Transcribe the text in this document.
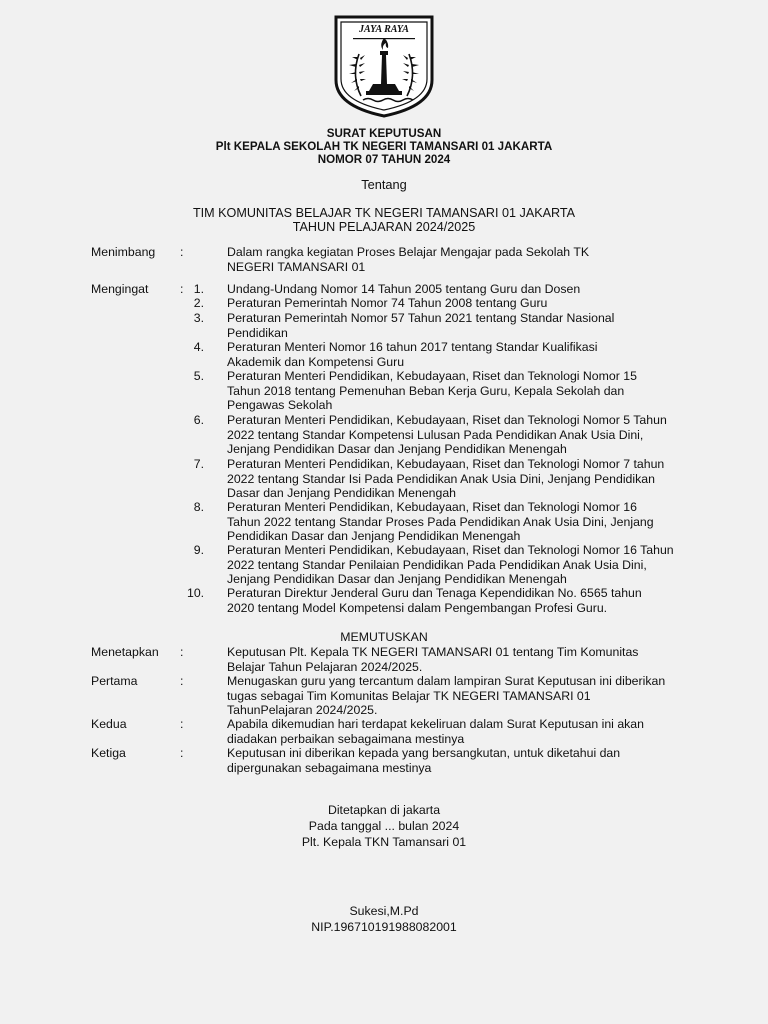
JAYA RAYA
SURAT KEPUTUSAN
Plt KEPALA SEKOLAH TK NEGERI TAMANSARI 01 JAKARTA
NOMOR 07 TAHUN 2024
Tentang
TIM KOMUNITAS BELAJAR TK NEGERI TAMANSARI 01 JAKARTA
TAHUN PELAJARAN 2024/2025
Menimbang :	Dalam rangka kegiatan Proses Belajar Mengajar pada Sekolah TK NEGERI TAMANSARI 01
Mengingat	: 1. Undang-Undang Nomor 14 Tahun 2005 tentang Guru dan Dosen
2. Peraturan Pemerintah Nomor 74 Tahun 2008 tentang Guru
3. Peraturan Pemerintah Nomor 57 Tahun 2021 tentang Standar Nasional Pendidikan
4. Peraturan Menteri Nomor 16 tahun 2017 tentang Standar Kualifikasi Akademik dan Kompetensi Guru
5. Peraturan Menteri Pendidikan, Kebudayaan, Riset dan Teknologi Nomor 15 Tahun 2018 tentang Pemenuhan Beban Kerja Guru, Kepala Sekolah dan Pengawas Sekolah
6. Peraturan Menteri Pendidikan, Kebudayaan, Riset dan Teknologi Nomor 5 Tahun 2022 tentang Standar Kompetensi Lulusan Pada Pendidikan Anak Usia Dini, Jenjang Pendidikan Dasar dan Jenjang Pendidikan Menengah
7. Peraturan Menteri Pendidikan, Kebudayaan, Riset dan Teknologi Nomor 7 tahun 2022 tentang Standar Isi Pada Pendidikan Anak Usia Dini, Jenjang Pendidikan Dasar dan Jenjang Pendidikan Menengah
8. Peraturan Menteri Pendidikan, Kebudayaan, Riset dan Teknologi Nomor 16 Tahun 2022 tentang Standar Proses Pada Pendidikan Anak Usia Dini, Jenjang Pendidikan Dasar dan Jenjang Pendidikan Menengah
9. Peraturan Menteri Pendidikan, Kebudayaan, Riset dan Teknologi Nomor 16 Tahun 2022 tentang Standar Penilaian Pendidikan Pada Pendidikan Anak Usia Dini, Jenjang Pendidikan Dasar dan Jenjang Pendidikan Menengah
10. Peraturan Direktur Jenderal Guru dan Tenaga Kependidikan No. 6565 tahun 2020 tentang Model Kompetensi dalam Pengembangan Profesi Guru.
MEMUTUSKAN
Menetapkan :	Keputusan Plt. Kepala TK NEGERI TAMANSARI 01 tentang Tim Komunitas Belajar Tahun Pelajaran 2024/2025.
Pertama	:	Menugaskan guru yang tercantum dalam lampiran Surat Keputusan ini diberikan tugas sebagai Tim Komunitas Belajar TK NEGERI TAMANSARI 01 TahunPelajaran 2024/2025.
Kedua	:	Apabila dikemudian hari terdapat kekeliruan dalam Surat Keputusan ini akan diadakan perbaikan sebagaimana mestinya
Ketiga	:	Keputusan ini diberikan kepada yang bersangkutan, untuk diketahui dan dipergunakan sebagaimana mestinya
Ditetapkan di jakarta
Pada tanggal ... bulan 2024
Plt. Kepala TKN Tamansari 01
Sukesi,M.Pd
NIP.196710191988082001
